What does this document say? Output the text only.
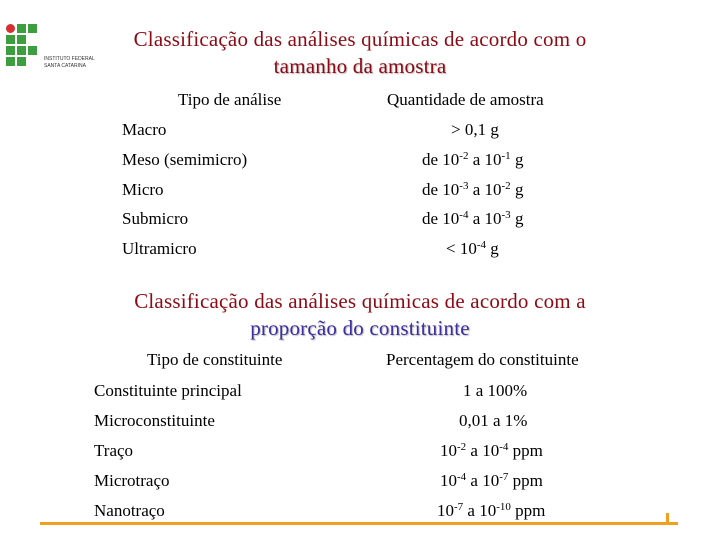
INSTITUTO FEDERAL
SANTA CATARINA
Classificação das análises químicas de acordo com o
tamanho da amostra
Tipo de análise	Quantidade de amostra
Macro	> 0,1 g
Meso (semimicro)	de $10^{-2}$ a $10^{-1}$ g
Micro	de $10^{-3}$ a $10^{-2}$ g
Submicro	de $10^{-4}$ a $10^{-3}$ g
Ultramicro	< $10^{-4}$ g
Classificação das análises químicas de acordo com a
proporção do constituinte
Tipo de constituinte	Percentagem do constituinte
Constituinte principal	1 a 100%
Microconstituinte	0,01 a 1%
Traço	$10^{-2}$ a $10^{-4}$ ppm
Microtraço	$10^{-4}$ a $10^{-7}$ ppm
Nanotraço	$10^{-7}$ a $10^{-10}$ ppm
